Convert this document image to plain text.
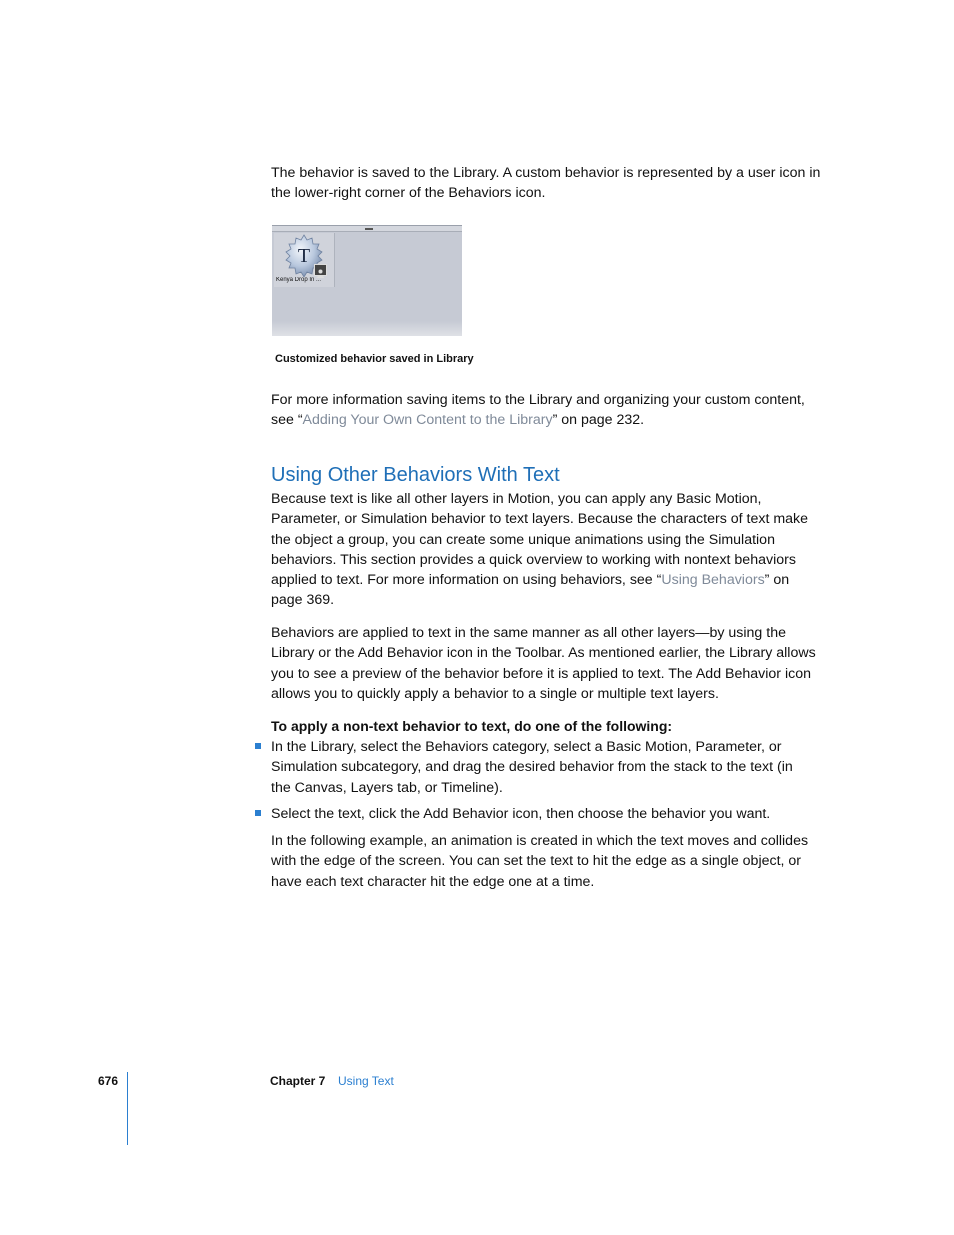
The behavior is saved to the Library. A custom behavior is represented by a user icon in
the lower-right corner of the Behaviors icon.
T
Kenya Drop In ...
Customized behavior saved in Library
For more information saving items to the Library and organizing your custom content,
see “Adding Your Own Content to the Library” on page 232.
Using Other Behaviors With Text
Because text is like all other layers in Motion, you can apply any Basic Motion,
Parameter, or Simulation behavior to text layers. Because the characters of text make
the object a group, you can create some unique animations using the Simulation
behaviors. This section provides a quick overview to working with nontext behaviors
applied to text. For more information on using behaviors, see “Using Behaviors” on
page 369.
Behaviors are applied to text in the same manner as all other layers—by using the
Library or the Add Behavior icon in the Toolbar. As mentioned earlier, the Library allows
you to see a preview of the behavior before it is applied to text. The Add Behavior icon
allows you to quickly apply a behavior to a single or multiple text layers.
To apply a non-text behavior to text, do one of the following:
In the Library, select the Behaviors category, select a Basic Motion, Parameter, or
Simulation subcategory, and drag the desired behavior from the stack to the text (in
the Canvas, Layers tab, or Timeline).
Select the text, click the Add Behavior icon, then choose the behavior you want.
In the following example, an animation is created in which the text moves and collides
with the edge of the screen. You can set the text to hit the edge as a single object, or
have each text character hit the edge one at a time.
676	Chapter 7 Using Text
